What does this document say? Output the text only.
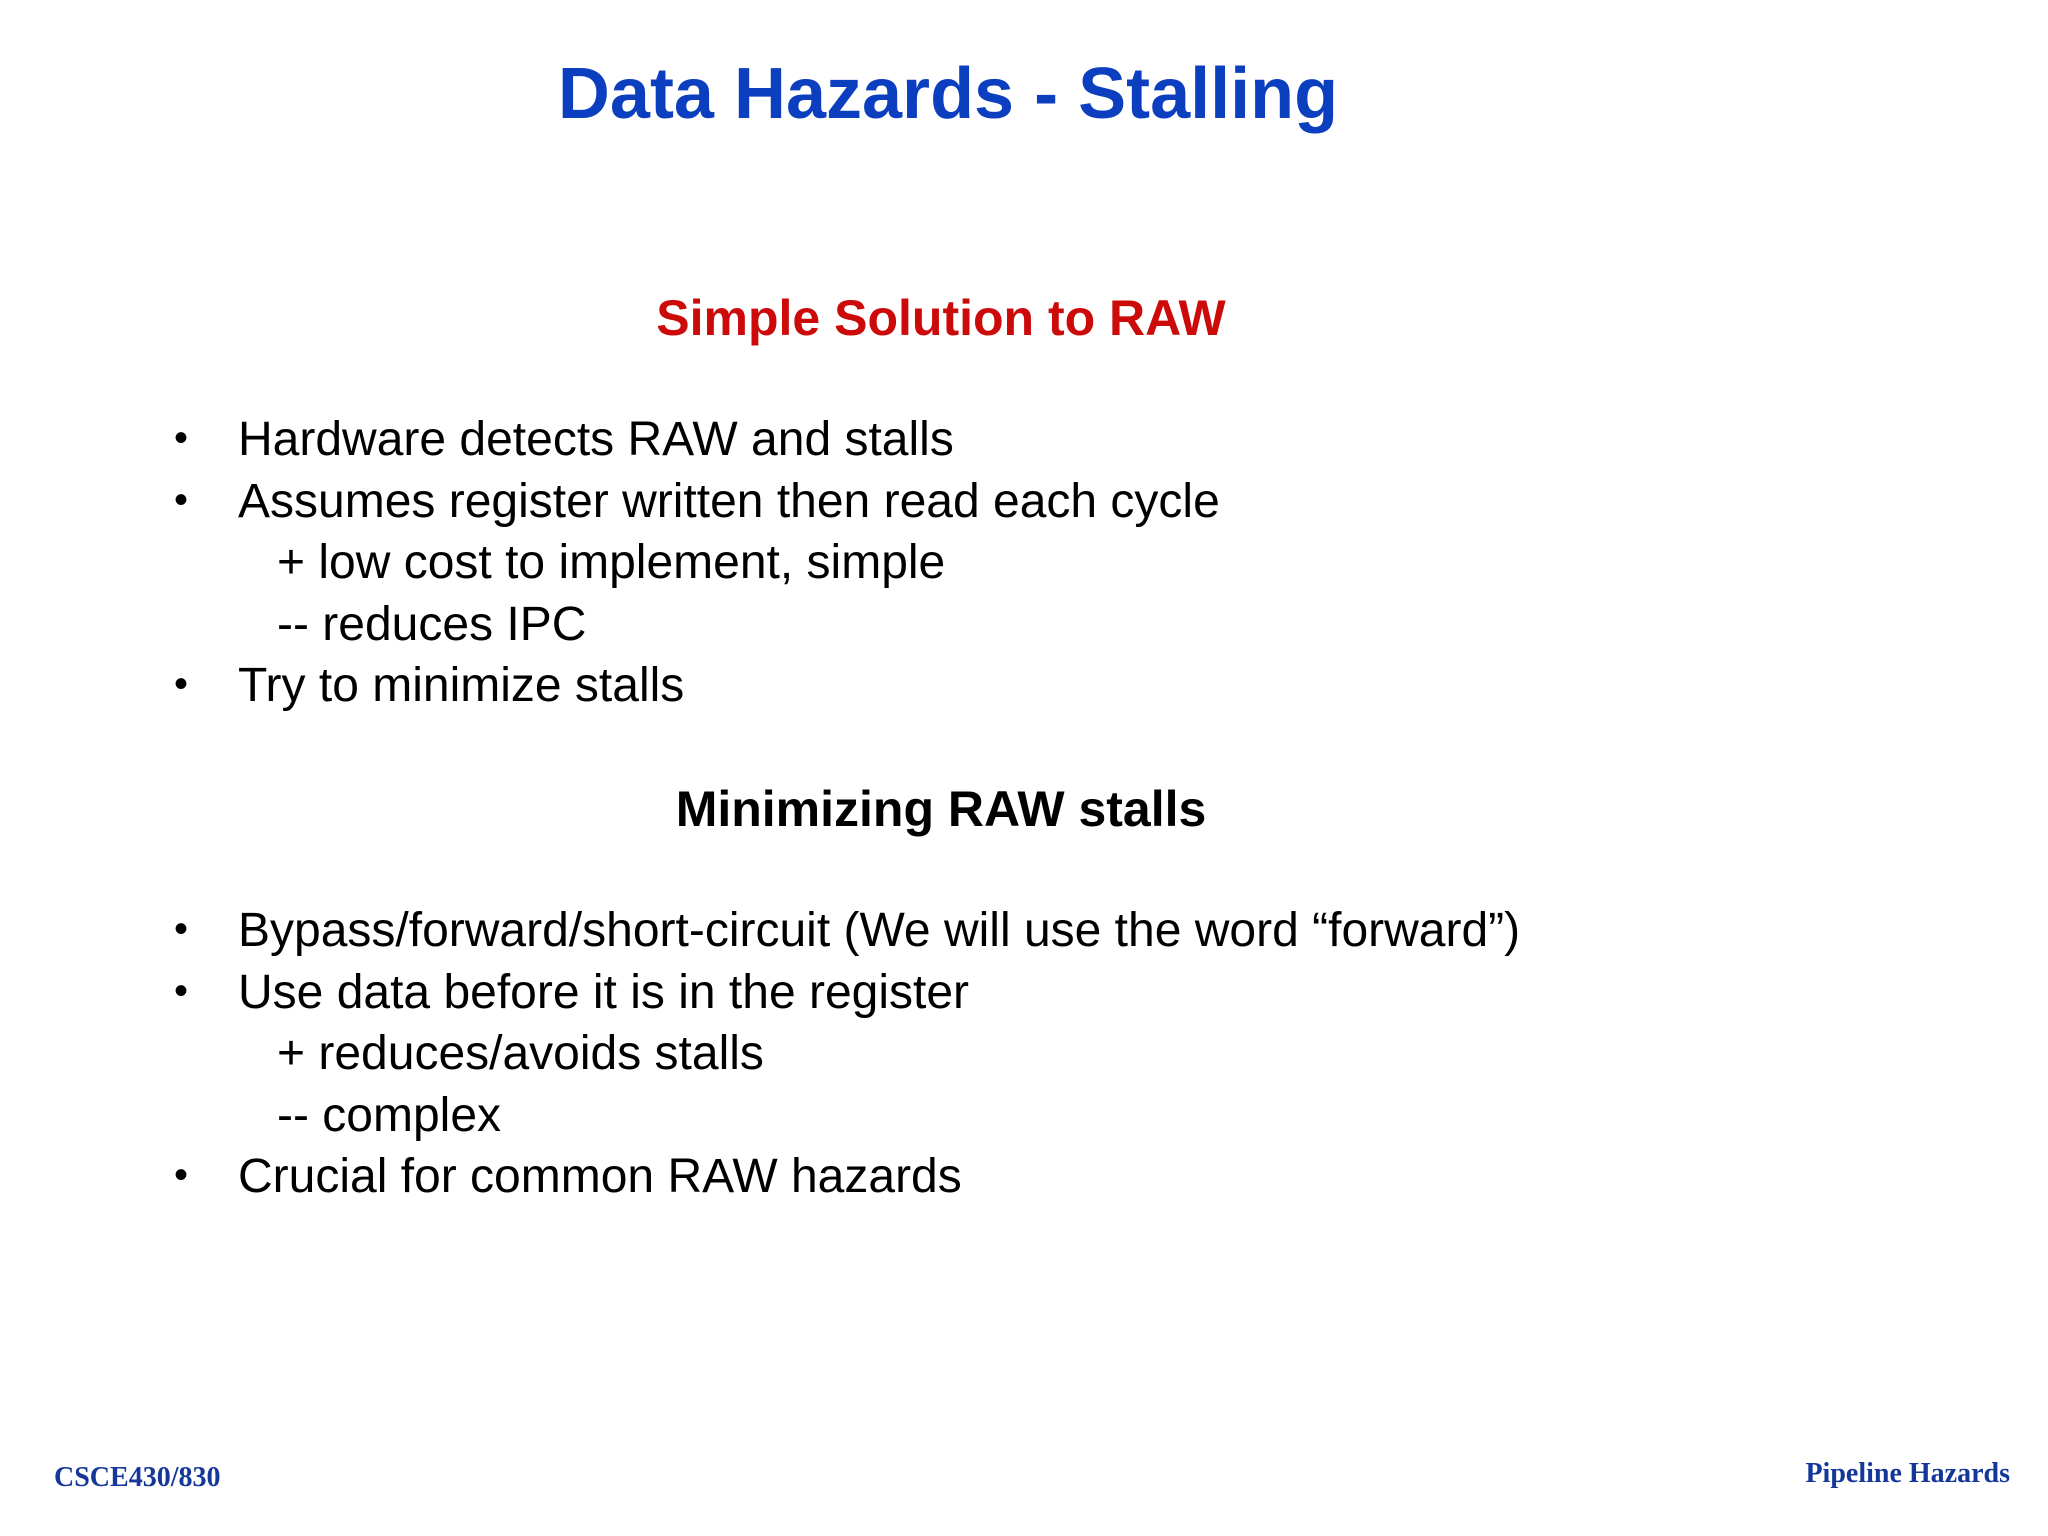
Data Hazards - Stalling
Simple Solution to RAW
• Hardware detects RAW and stalls
• Assumes register written then read each cycle
+ low cost to implement, simple
-- reduces IPC
• Try to minimize stalls
Minimizing RAW stalls
• Bypass/forward/short-circuit (We will use the word “forward”)
• Use data before it is in the register
+ reduces/avoids stalls
-- complex
• Crucial for common RAW hazards
CSCE430/830	Pipeline Hazards
